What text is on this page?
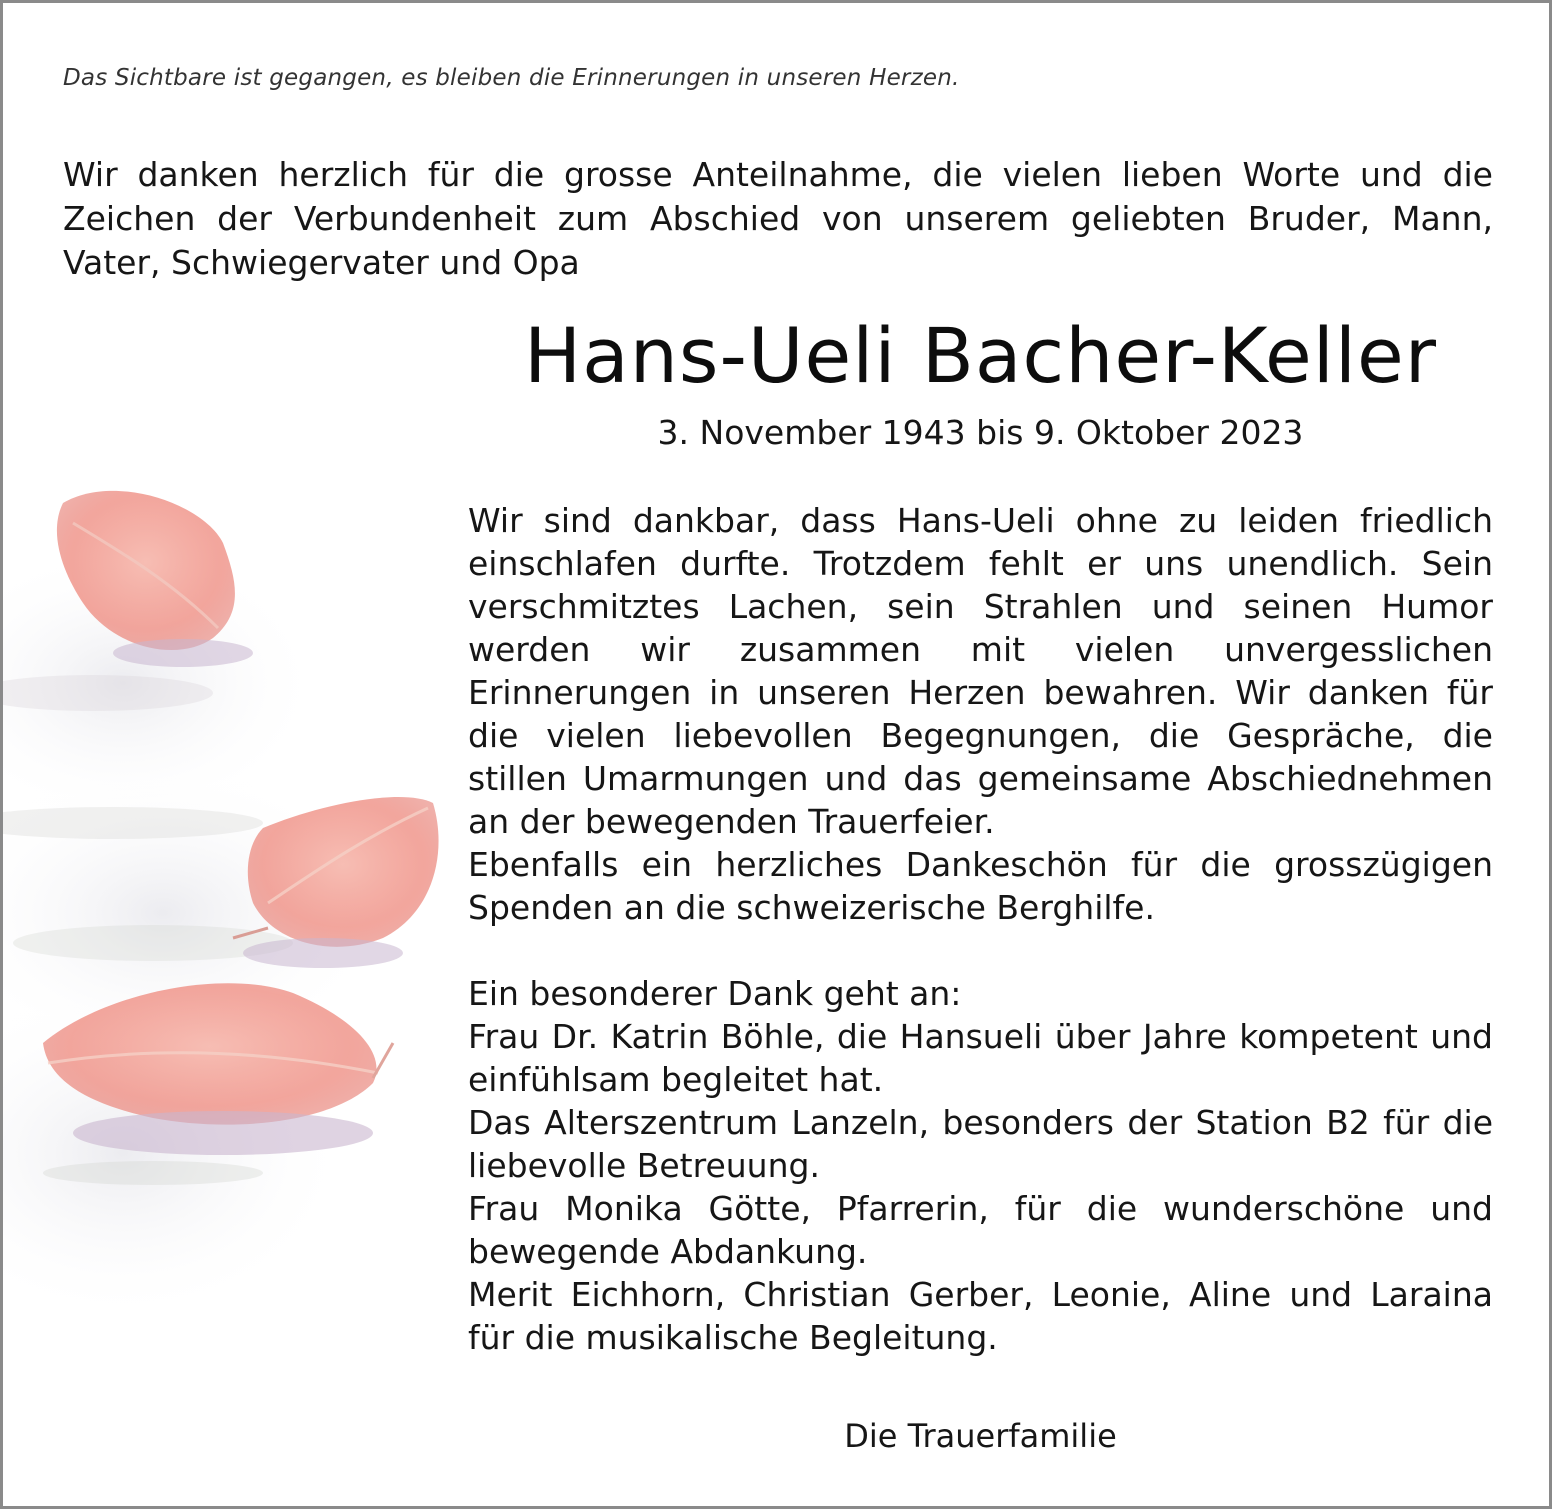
Das Sichtbare ist gegangen, es bleiben die Erinnerungen in unseren Herzen.
Wir danken herzlich für die grosse Anteilnahme, die vielen lieben Worte und die Zeichen der Verbundenheit zum Abschied von unserem geliebten Bruder, Mann, Vater, Schwiegervater und Opa
Hans-Ueli Bacher-Keller
3. November 1943 bis 9. Oktober 2023

Wir sind dankbar, dass Hans-Ueli ohne zu leiden friedlich einschlafen durfte. Trotzdem fehlt er uns unendlich. Sein verschmitztes Lachen, sein Strahlen und seinen Humor werden wir zusammen mit vielen unvergesslichen Erinnerungen in unseren Herzen bewahren. Wir danken für die vielen liebevollen Begegnungen, die Gespräche, die stillen Umarmungen und das gemeinsame Abschiednehmen an der bewegenden Trauerfeier.

Ebenfalls ein herzliches Dankeschön für die grosszügigen Spenden an die schweizerische Berghilfe.

Ein besonderer Dank geht an:

Frau Dr. Katrin Böhle, die Hansueli über Jahre kompetent und einfühlsam begleitet hat.

Das Alterszentrum Lanzeln, besonders der Station B2 für die liebevolle Betreuung.

Frau Monika Götte, Pfarrerin, für die wunderschöne und bewegende Abdankung.

Merit Eichhorn, Christian Gerber, Leonie, Aline und Laraina für die musikalische Begleitung.

Die Trauerfamilie
